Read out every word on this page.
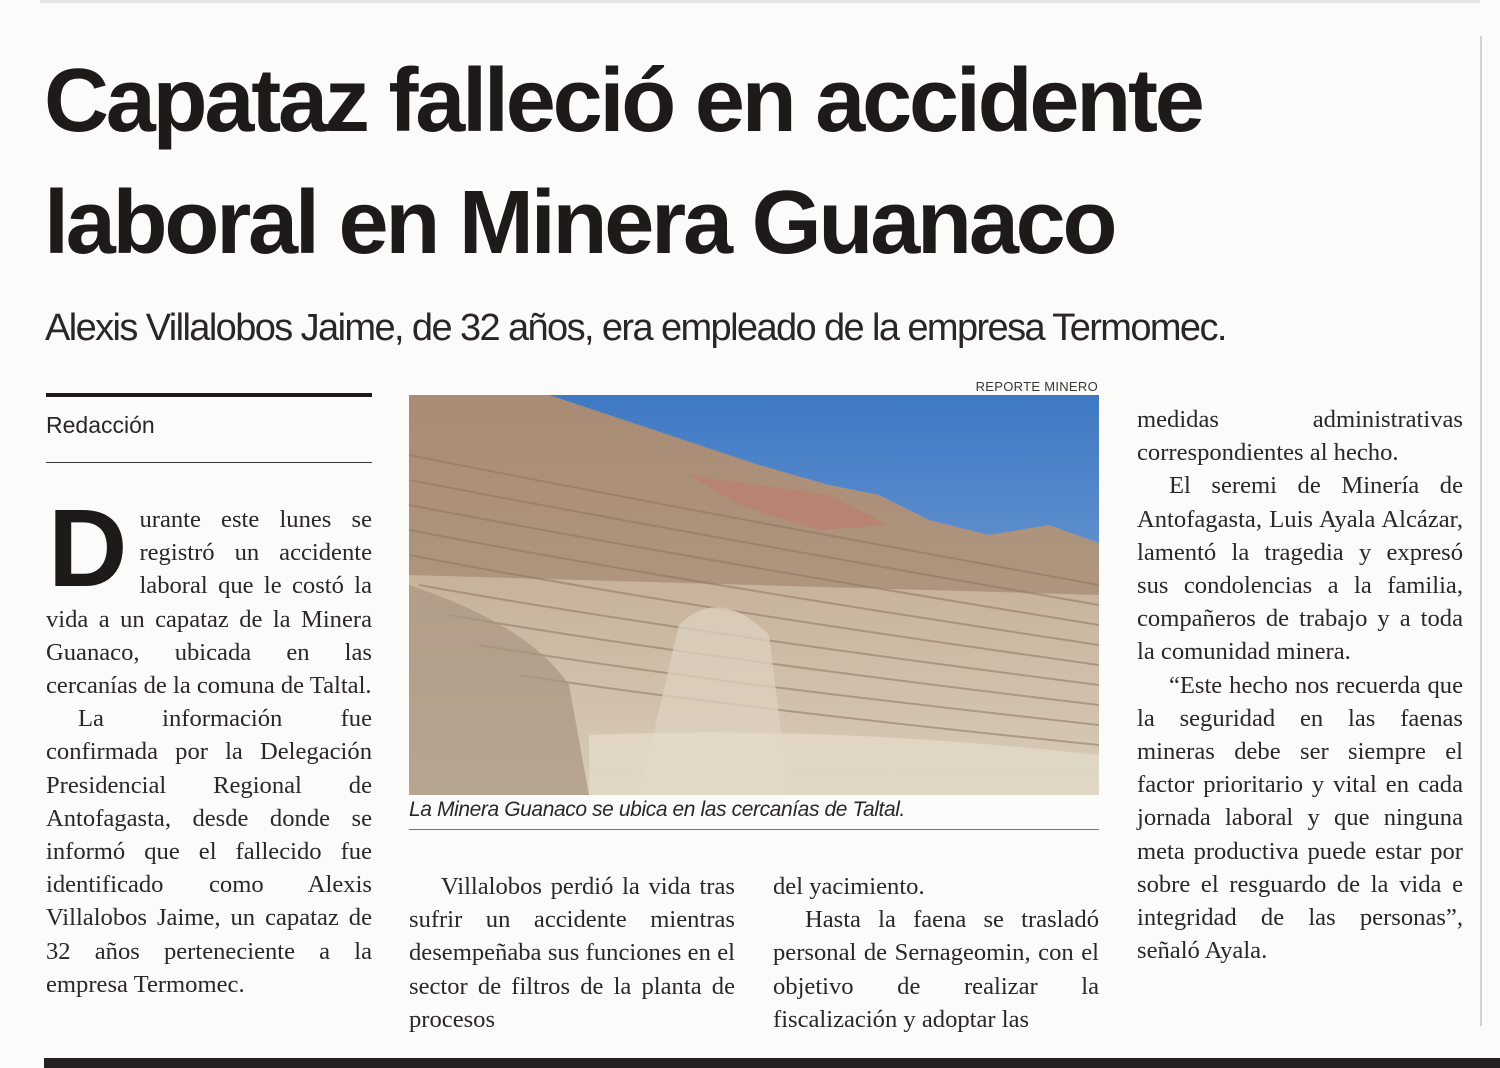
Capataz falleció en accidente
laboral en Minera Guanaco

Alexis Villalobos Jaime, de 32 años, era empleado de la empresa Termomec.

Redacción

D urante este lunes se registró un accidente laboral que le costó la vida a un capataz de la Minera Guanaco, ubicada en las cercanías de la comuna de Taltal.

La información fue confirmada por la Delegación Presidencial Regional de Antofagasta, desde donde se informó que el fallecido fue identificado como Alexis Villalobos Jaime, un capataz de 32 años perteneciente a la empresa Termomec.

REPORTE MINERO
La Minera Guanaco se ubica en las cercanías de Taltal.

Villalobos perdió la vida tras sufrir un accidente mientras desempeñaba sus funciones en el sector de filtros de la planta de procesos

del yacimiento.

Hasta la faena se trasladó personal de Sernageomin, con el objetivo de realizar la fiscalización y adoptar las

medidas administrativas correspondientes al hecho.

El seremi de Minería de Antofagasta, Luis Ayala Alcázar, lamentó la tragedia y expresó sus condolencias a la familia, compañeros de trabajo y a toda la comunidad minera.

“Este hecho nos recuerda que la seguridad en las faenas mineras debe ser siempre el factor prioritario y vital en cada jornada laboral y que ninguna meta productiva puede estar por sobre el resguardo de la vida e integridad de las personas”, señaló Ayala.
